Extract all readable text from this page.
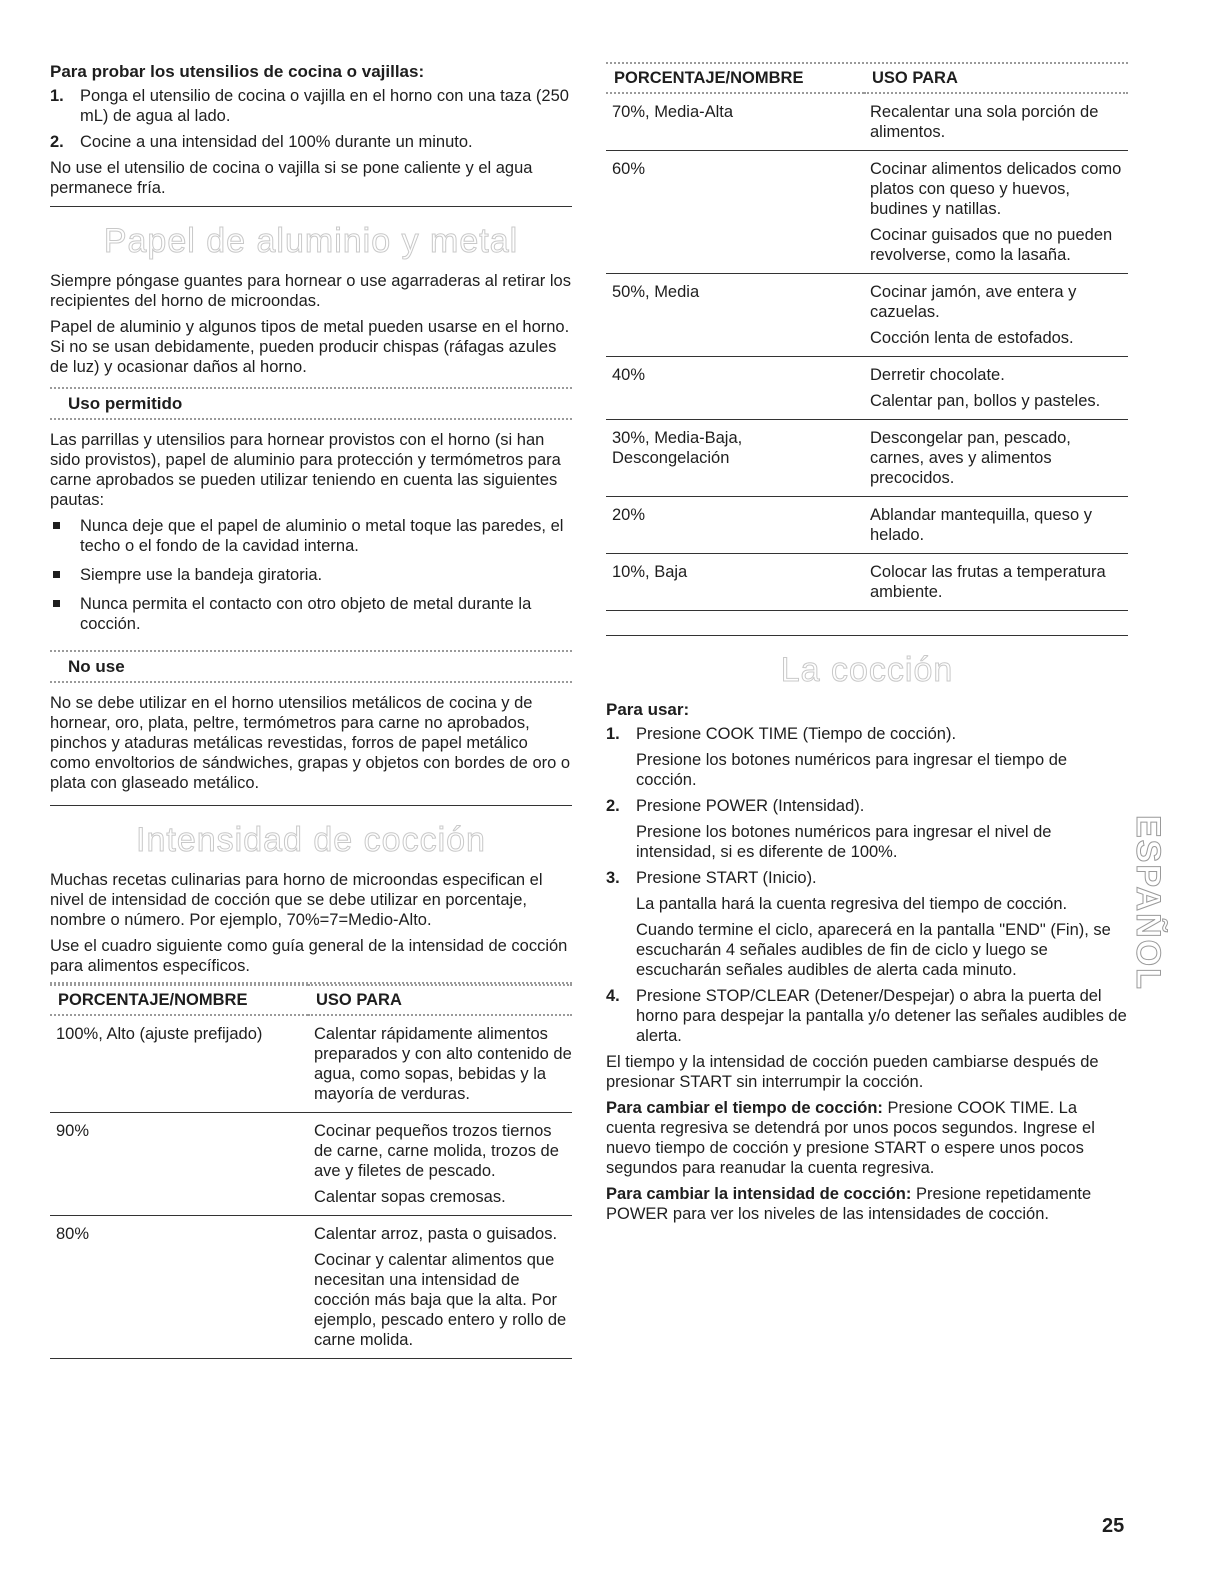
Para probar los utensilios de cocina o vajillas:

1. Ponga el utensilio de cocina o vajilla en el horno con una taza (250 mL) de agua al lado.
2. Cocine a una intensidad del 100% durante un minuto.

No use el utensilio de cocina o vajilla si se pone caliente y el agua permanece fría.

Papel de aluminio y metal

Siempre póngase guantes para hornear o use agarraderas al retirar los recipientes del horno de microondas.

Papel de aluminio y algunos tipos de metal pueden usarse en el horno. Si no se usan debidamente, pueden producir chispas (ráfagas azules de luz) y ocasionar daños al horno.

Uso permitido

Las parrillas y utensilios para hornear provistos con el horno (si han sido provistos), papel de aluminio para protección y termómetros para carne aprobados se pueden utilizar teniendo en cuenta las siguientes pautas:

Nunca deje que el papel de aluminio o metal toque las paredes, el techo o el fondo de la cavidad interna.
Siempre use la bandeja giratoria.
Nunca permita el contacto con otro objeto de metal durante la cocción.
No use

No se debe utilizar en el horno utensilios metálicos de cocina y de hornear, oro, plata, peltre, termómetros para carne no aprobados, pinchos y ataduras metálicas revestidas, forros de papel metálico como envoltorios de sándwiches, grapas y objetos con bordes de oro o plata con glaseado metálico.

Intensidad de cocción

Muchas recetas culinarias para horno de microondas especifican el nivel de intensidad de cocción que se debe utilizar en porcentaje, nombre o número. Por ejemplo, 70%=7=Medio-Alto.

Use el cuadro siguiente como guía general de la intensidad de cocción para alimentos específicos.

PORCENTAJE/NOMBRE	USO PARA
100%, Alto (ajuste prefijado)	Calentar rápidamente alimentos preparados y con alto contenido de agua, como sopas, bebidas y la mayoría de verduras.

90%	Cocinar pequeños trozos tiernos de carne, carne molida, trozos de ave y filetes de pescado.

Calentar sopas cremosas.

80%	Calentar arroz, pasta o guisados.

Cocinar y calentar alimentos que necesitan una intensidad de cocción más baja que la alta. Por ejemplo, pescado entero y rollo de carne molida.

PORCENTAJE/NOMBRE	USO PARA
70%, Media-Alta	Recalentar una sola porción de alimentos.

60%	Cocinar alimentos delicados como platos con queso y huevos, budines y natillas.

Cocinar guisados que no pueden revolverse, como la lasaña.

50%, Media	Cocinar jamón, ave entera y cazuelas.

Cocción lenta de estofados.

40%	Derretir chocolate.

Calentar pan, bollos y pasteles.

30%, Media-Baja, Descongelación	Descongelar pan, pescado, carnes, aves y alimentos precocidos.

20%	Ablandar mantequilla, queso y helado.

10%, Baja	Colocar las frutas a temperatura ambiente.

La cocción

Para usar:

1. Presione COOK TIME (Tiempo de cocción).

Presione los botones numéricos para ingresar el tiempo de cocción.

2. Presione POWER (Intensidad).

Presione los botones numéricos para ingresar el nivel de intensidad, si es diferente de 100%.

3. Presione START (Inicio).

La pantalla hará la cuenta regresiva del tiempo de cocción.

Cuando termine el ciclo, aparecerá en la pantalla "END" (Fin), se escucharán 4 señales audibles de fin de ciclo y luego se escucharán señales audibles de alerta cada minuto.

4. Presione STOP/CLEAR (Detener/Despejar) o abra la puerta del horno para despejar la pantalla y/o detener las señales audibles de alerta.

El tiempo y la intensidad de cocción pueden cambiarse después de presionar START sin interrumpir la cocción.

Para cambiar el tiempo de cocción: Presione COOK TIME. La cuenta regresiva se detendrá por unos pocos segundos. Ingrese el nuevo tiempo de cocción y presione START o espere unos pocos segundos para reanudar la cuenta regresiva.

Para cambiar la intensidad de cocción: Presione repetidamente POWER para ver los niveles de las intensidades de cocción.

ESPAÑOL
25
